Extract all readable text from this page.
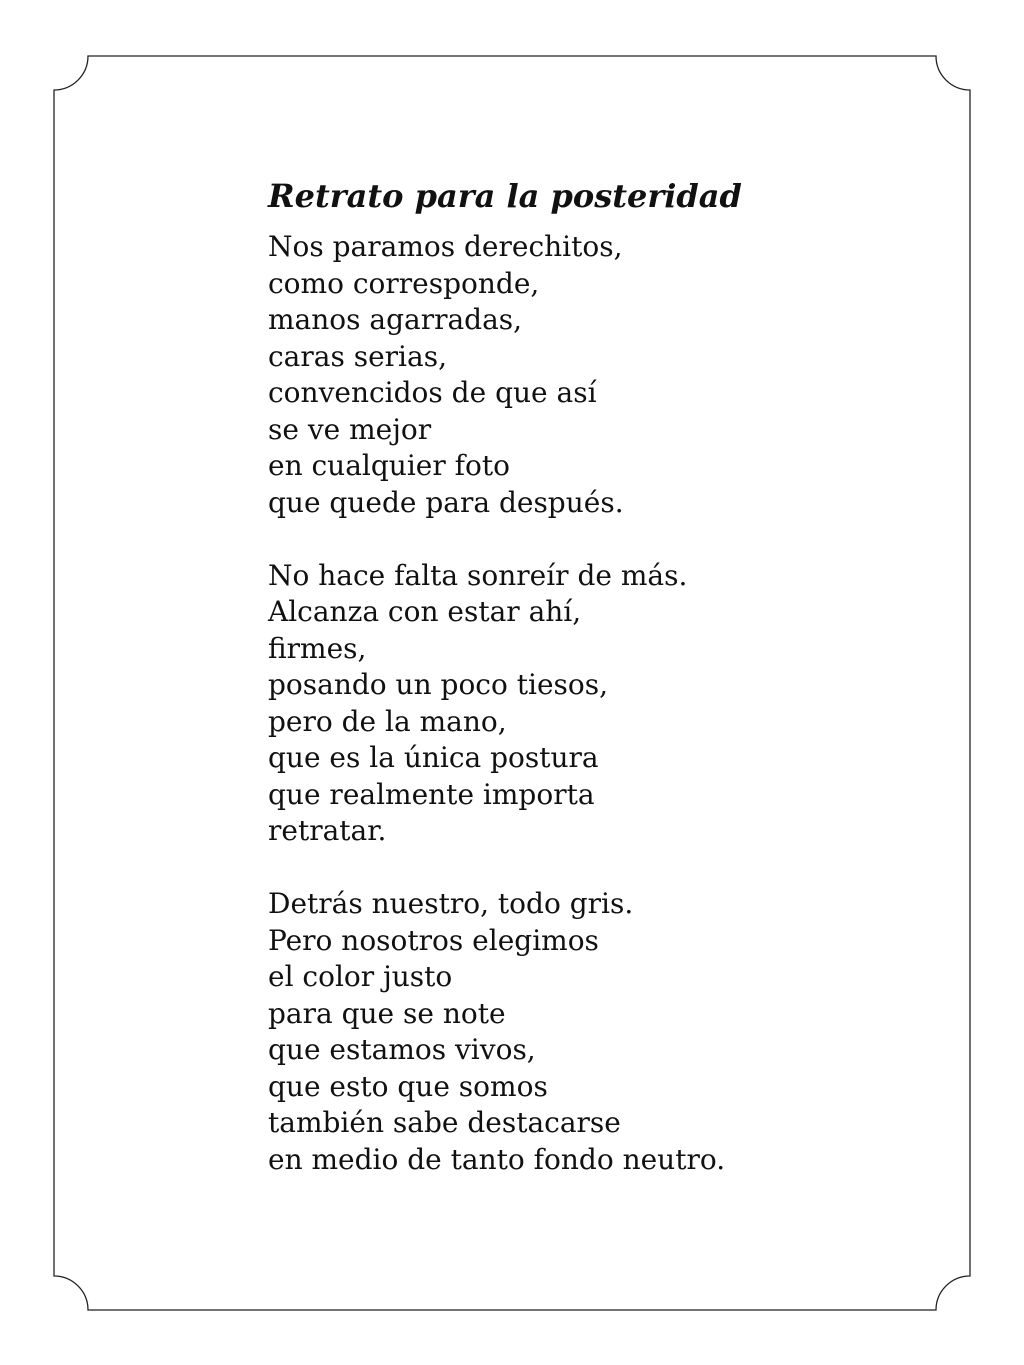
Retrato para la posteridad
Nos paramos derechitos,
como corresponde,
manos agarradas,
caras serias,
convencidos de que así
se ve mejor
en cualquier foto
que quede para después.
No hace falta sonreír de más.
Alcanza con estar ahí,
firmes,
posando un poco tiesos,
pero de la mano,
que es la única postura
que realmente importa
retratar.
Detrás nuestro, todo gris.
Pero nosotros elegimos
el color justo
para que se note
que estamos vivos,
que esto que somos
también sabe destacarse
en medio de tanto fondo neutro.
